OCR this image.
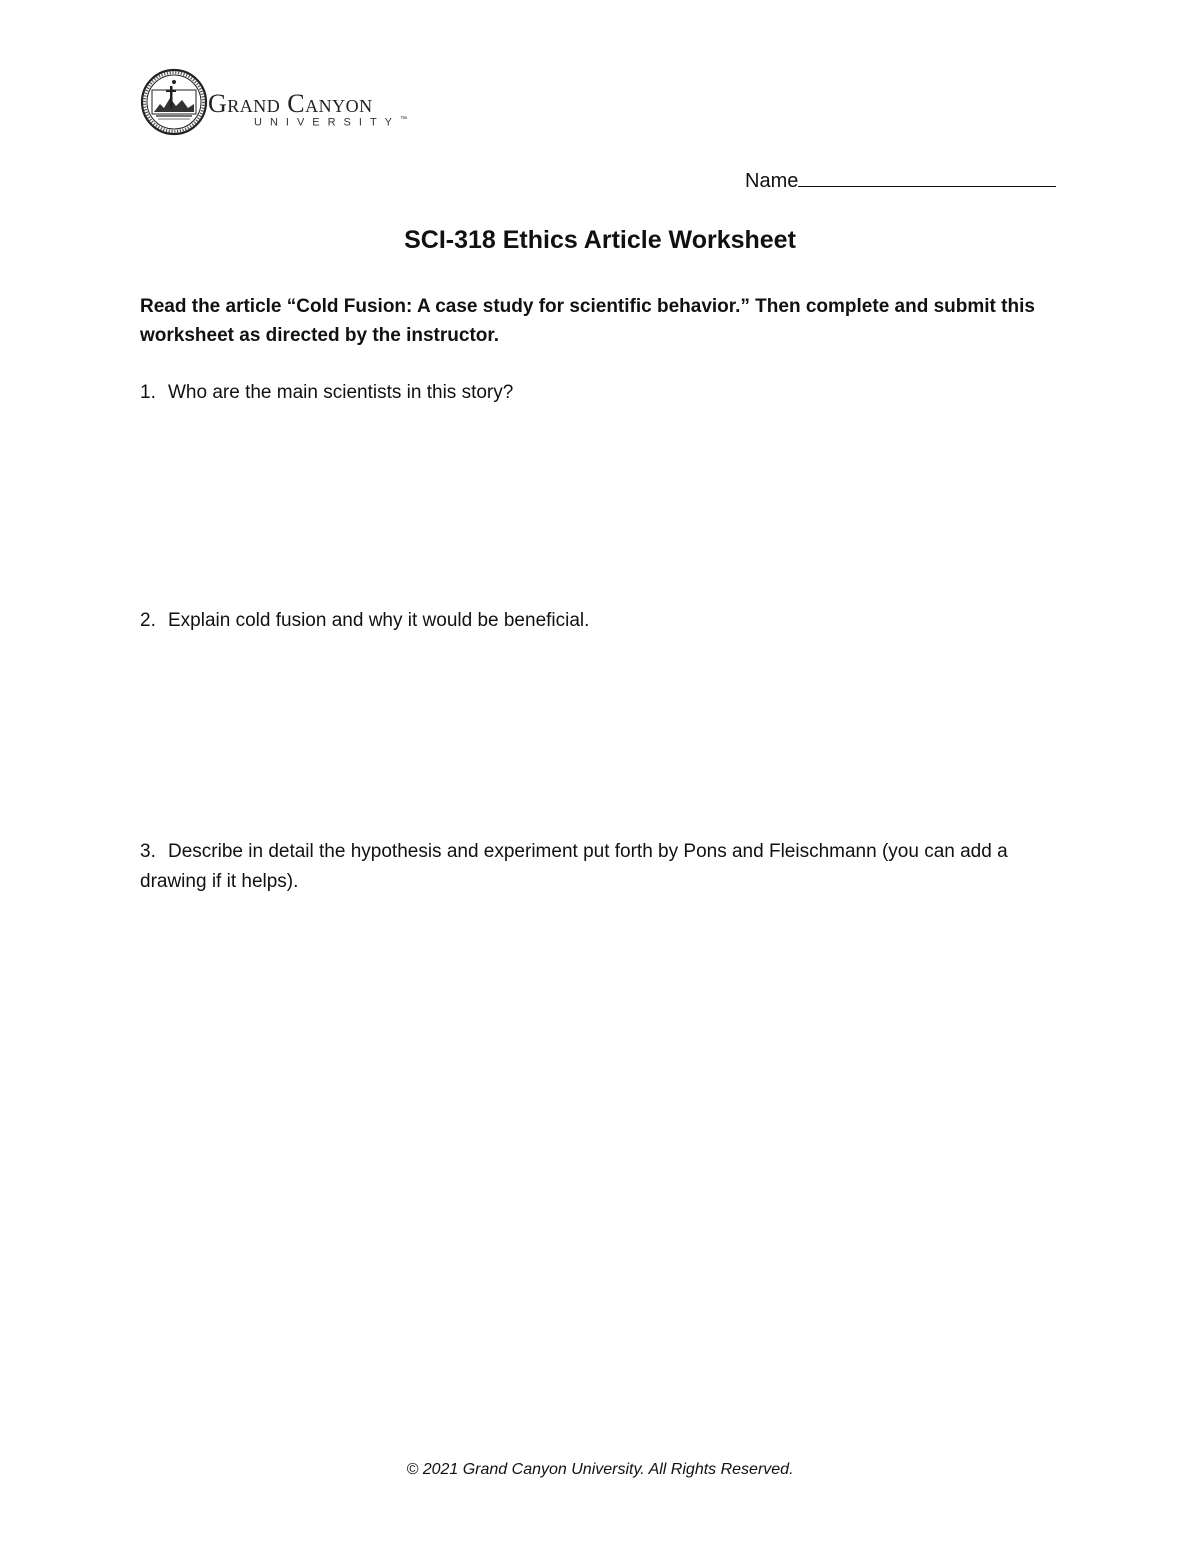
Grand Canyon
UNIVERSITY™
Name
SCI-318 Ethics Article Worksheet
Read the article “Cold Fusion: A case study for scientific behavior.” Then complete and submit this worksheet as directed by the instructor.
1. Who are the main scientists in this story?
2. Explain cold fusion and why it would be beneficial.
3. Describe in detail the hypothesis and experiment put forth by Pons and Fleischmann (you can add a drawing if it helps).
© 2021 Grand Canyon University. All Rights Reserved.
